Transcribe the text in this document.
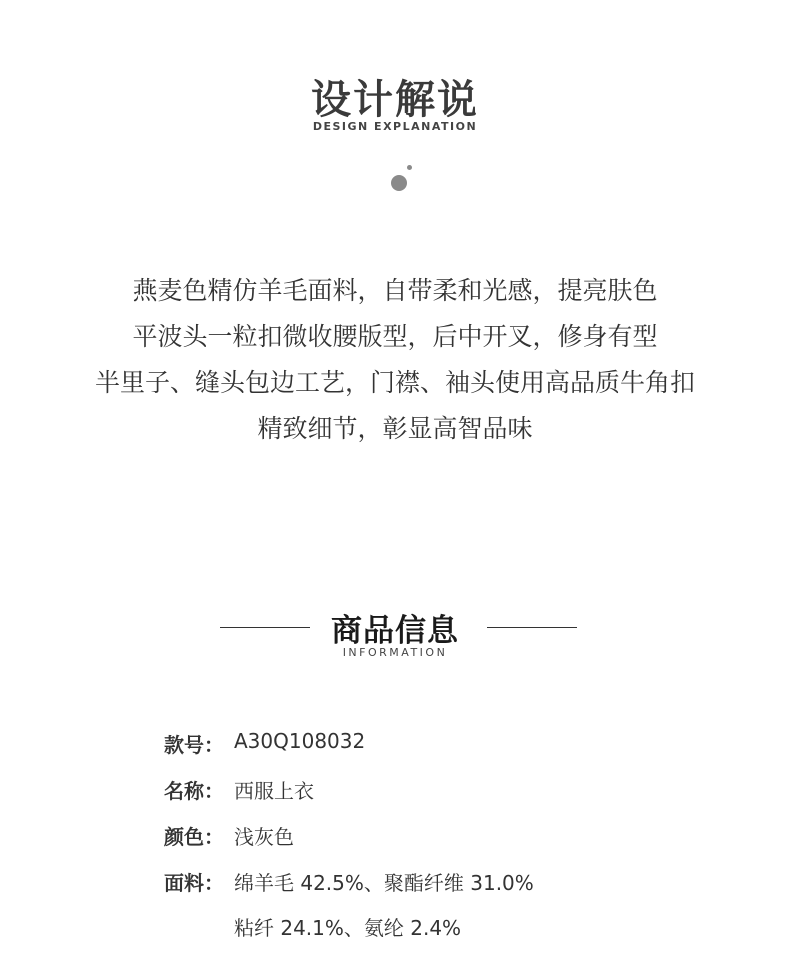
设计解说
DESIGN EXPLANATION
燕麦色精仿羊毛面料，自带柔和光感，提亮肤色
平波头一粒扣微收腰版型，后中开叉，修身有型
半里子、缝头包边工艺，门襟、袖头使用高品质牛角扣
精致细节，彰显高智品味
商品信息
INFORMATION
款号： A30Q108032
名称： 西服上衣
颜色： 浅灰色
面料： 绵羊毛 42.5%、聚酯纤维 31.0%
粘纤 24.1%、氨纶 2.4%
